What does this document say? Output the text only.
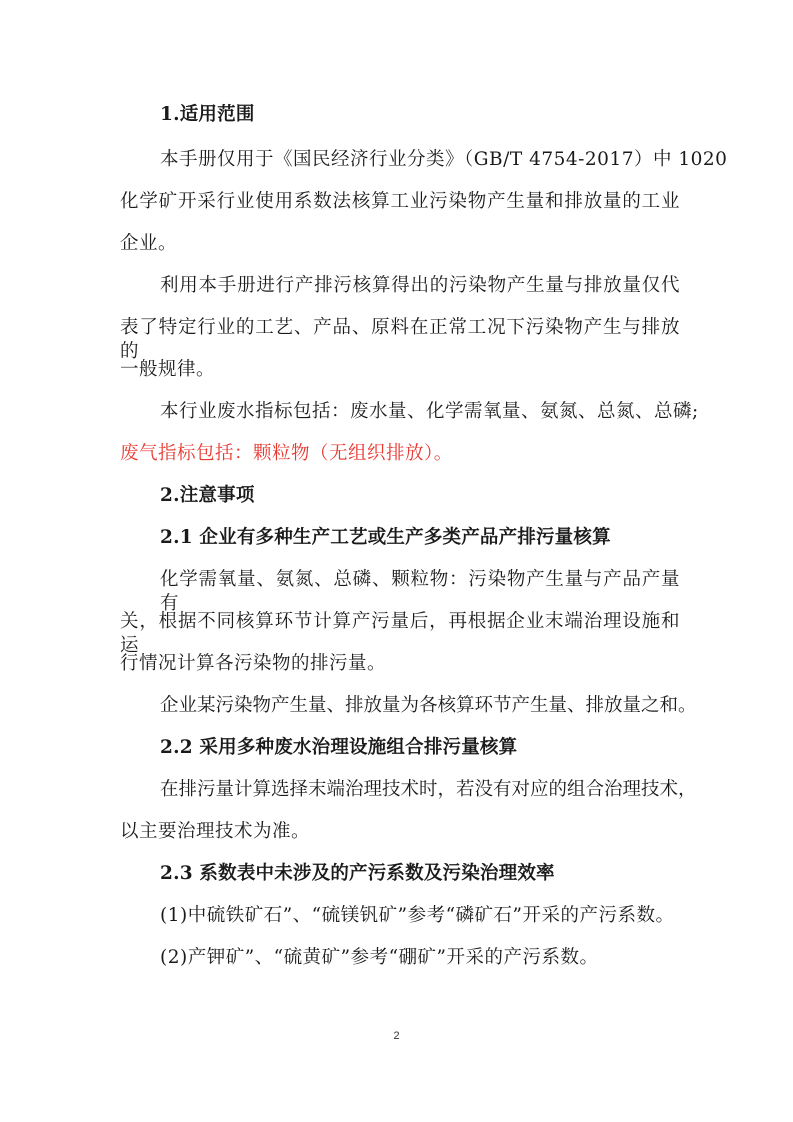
1.适用范围
本手册仅用于《国民经济行业分类》（GB/T 4754-2017）中 1020
化学矿开采行业使用系数法核算工业污染物产生量和排放量的工业
企业。
利用本手册进行产排污核算得出的污染物产生量与排放量仅代
表了特定行业的工艺、产品、原料在正常工况下污染物产生与排放的
一般规律。
本行业废水指标包括：废水量、化学需氧量、氨氮、总氮、总磷;
废气指标包括：颗粒物（无组织排放）。
2.注意事项
2.1 企业有多种生产工艺或生产多类产品产排污量核算
化学需氧量、氨氮、总磷、颗粒物：污染物产生量与产品产量有
关，根据不同核算环节计算产污量后，再根据企业末端治理设施和运
行情况计算各污染物的排污量。
企业某污染物产生量、排放量为各核算环节产生量、排放量之和。
2.2 采用多种废水治理设施组合排污量核算
在排污量计算选择末端治理技术时，若没有对应的组合治理技术，
以主要治理技术为准。
2.3 系数表中未涉及的产污系数及污染治理效率
(1)中硫铁矿石”、“硫镁钒矿”参考“磷矿石”开采的产污系数。
(2)产钾矿”、“硫黄矿”参考“硼矿”开采的产污系数。
2
